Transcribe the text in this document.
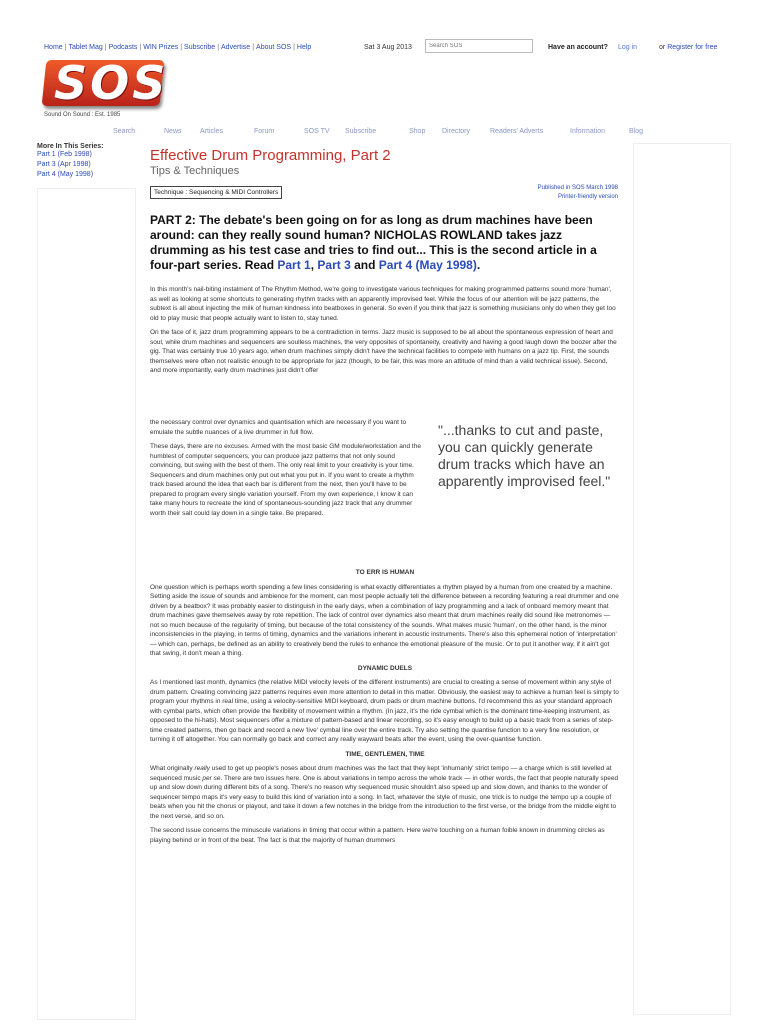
Home | Tablet Mag | Podcasts | WIN Prizes | Subscribe | Advertise | About SOS | Help	Sat 3 Aug 2013
Search SOS	Have an account? Log in	or Register for free
SOS
Sound On Sound : Est. 1985
Search	News	Articles	Forum	SOS TV Subscribe	Shop Directory	Readers' Adverts	Information	Blog
More In This Series:
Part 1 (Feb 1998)
Part 3 (Apr 1998)
Part 4 (May 1998)
Effective Drum Programming, Part 2
Tips & Techniques
Technique : Sequencing & MIDI Controllers
Published in SOS March 1998
Printer-friendly version
PART 2: The debate's been going on for as long as drum machines have been around: can they really sound human? NICHOLAS ROWLAND takes jazz drumming as his test case and tries to find out... This is the second article in a four-part series. Read Part 1, Part 3 and Part 4 (May 1998).

In this month's nail-biting instalment of The Rhythm Method, we're going to investigate various techniques for making programmed patterns sound more 'human', as well as looking at some shortcuts to generating rhythm tracks with an apparently improvised feel. While the focus of our attention will be jazz patterns, the subtext is all about injecting the milk of human kindness into beatboxes in general. So even if you think that jazz is something musicians only do when they get too old to play music that people actually want to listen to, stay tuned.

On the face of it, jazz drum programming appears to be a contradiction in terms. Jazz music is supposed to be all about the spontaneous expression of heart and soul, while drum machines and sequencers are soulless machines, the very opposites of spontaneity, creativity and having a good laugh down the boozer after the gig. That was certainly true 10 years ago, when drum machines simply didn't have the technical facilities to compete with humans on a jazz tip. First, the sounds themselves were often not realistic enough to be appropriate for jazz (though, to be fair, this was more an attitude of mind than a valid technical issue). Second, and more importantly, early drum machines just didn't offer

the necessary control over dynamics and quantisation which are necessary if you want to emulate the subtle nuances of a live drummer in full flow.

These days, there are no excuses. Armed with the most basic GM module/workstation and the humblest of computer sequencers, you can produce jazz patterns that not only sound convincing, but swing with the best of them. The only real limit to your creativity is your time. Sequencers and drum machines only put out what you put in. If you want to create a rhythm track based around the idea that each bar is different from the next, then you'll have to be prepared to program every single variation yourself. From my own experience, I know it can take many hours to recreate the kind of spontaneous-sounding jazz track that any drummer worth their salt could lay down in a single take. Be prepared.

"...thanks to cut and paste, you can quickly generate drum tracks which have an apparently improvised feel."

TO ERR IS HUMAN

One question which is perhaps worth spending a few lines considering is what exactly differentiates a rhythm played by a human from one created by a machine. Setting aside the issue of sounds and ambience for the moment, can most people actually tell the difference between a recording featuring a real drummer and one driven by a beatbox? It was probably easier to distinguish in the early days, when a combination of lazy programming and a lack of onboard memory meant that drum machines gave themselves away by rote repetition. The lack of control over dynamics also meant that drum machines really did sound like metronomes — not so much because of the regularity of timing, but because of the total consistency of the sounds. What makes music 'human', on the other hand, is the minor inconsistencies in the playing, in terms of timing, dynamics and the variations inherent in acoustic instruments. There's also this ephemeral notion of 'interpretation' — which can, perhaps, be defined as an ability to creatively bend the rules to enhance the emotional pleasure of the music. Or to put it another way, if it ain't got that swing, it don't mean a thing.

DYNAMIC DUELS

As I mentioned last month, dynamics (the relative MIDI velocity levels of the different instruments) are crucial to creating a sense of movement within any style of drum pattern. Creating convincing jazz patterns requires even more attention to detail in this matter. Obviously, the easiest way to achieve a human feel is simply to program your rhythms in real time, using a velocity-sensitive MIDI keyboard, drum pads or drum machine buttons. I'd recommend this as your standard approach with cymbal parts, which often provide the flexibility of movement within a rhythm. (In jazz, it's the ride cymbal which is the dominant time-keeping instrument, as opposed to the hi-hats). Most sequencers offer a mixture of pattern-based and linear recording, so it's easy enough to build up a basic track from a series of step-time created patterns, then go back and record a new 'live' cymbal line over the entire track. Try also setting the quantise function to a very fine resolution, or turning it off altogether. You can normally go back and correct any really wayward beats after the event, using the over-quantise function.

TIME, GENTLEMEN, TIME

What originally really used to get up people's noses about drum machines was the fact that they kept 'inhumanly' strict tempo — a charge which is still levelled at sequenced music per se. There are two issues here. One is about variations in tempo across the whole track — in other words, the fact that people naturally speed up and slow down during different bits of a song. There's no reason why sequenced music shouldn't also speed up and slow down, and thanks to the wonder of sequencer tempo maps it's very easy to build this kind of variation into a song. In fact, whatever the style of music, one trick is to nudge the tempo up a couple of beats when you hit the chorus or playout, and take it down a few notches in the bridge from the introduction to the first verse, or the bridge from the middle eight to the next verse, and so on.

The second issue concerns the minuscule variations in timing that occur within a pattern. Here we're touching on a human foible known in drumming circles as playing behind or in front of the beat. The fact is that the majority of human drummers
